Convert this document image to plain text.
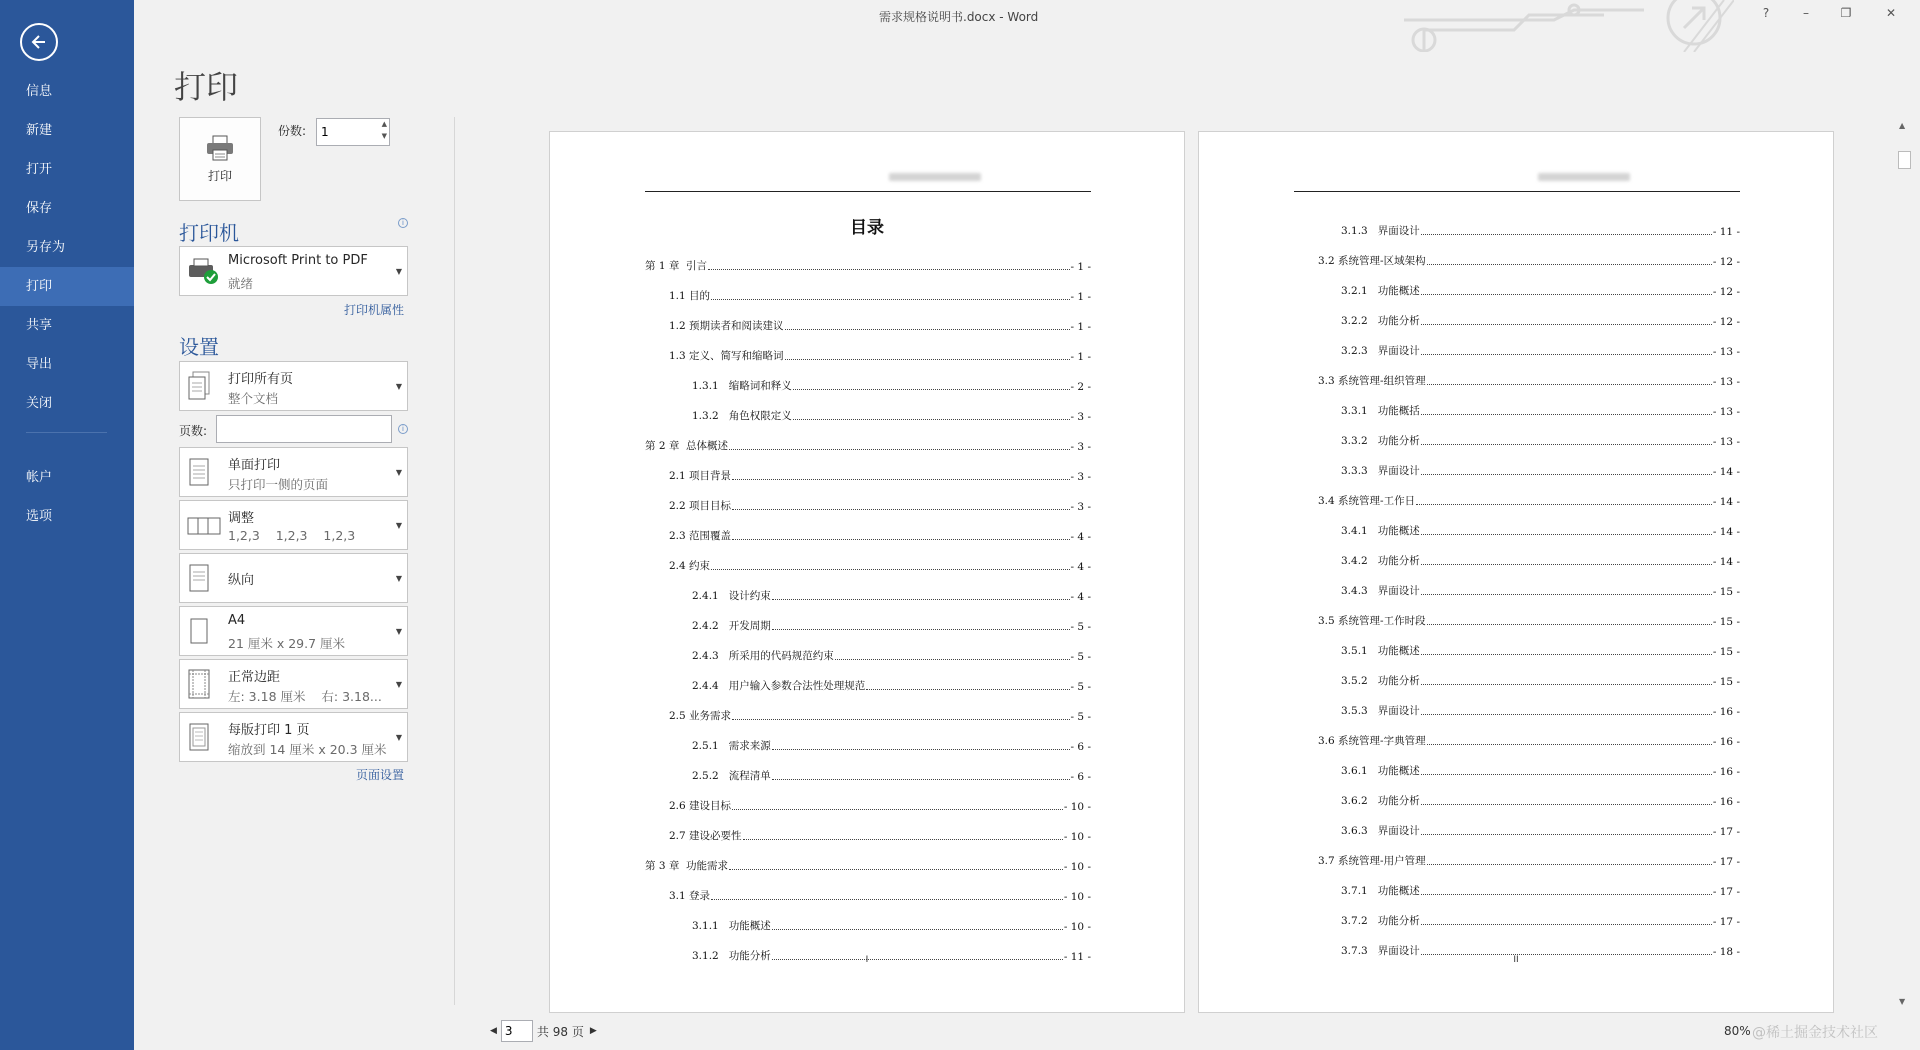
信息
新建
打开
保存
另存为
打印
共享
导出
关闭
帐户
选项
需求规格说明书.docx - Word	?	–	❐	✕
打印
打印
份数:
1	▲
▼
打印机	i
Microsoft Print to PDF
就绪
▼
打印机属性
设置
打印所有页
整个文档
▼
页数:	i
单面打印
只打印一侧的页面
▼
调整
1,2,3    1,2,3    1,2,3
▼
纵向	▼
A4
21 厘米 x 29.7 厘米
▼
正常边距
左: 3.18 厘米    右: 3.18...
▼
每版打印 1 页
缩放到 14 厘米 x 20.3 厘米
▼
页面设置
目录
第 1 章  引言	- 1 -
1.1 目的	- 1 -
1.2 预期读者和阅读建议	- 1 -
1.3 定义、简写和缩略词	- 1 -
1.3.1   缩略词和释义	- 2 -
1.3.2   角色权限定义	- 3 -
第 2 章  总体概述	- 3 -
2.1 项目背景	- 3 -
2.2 项目目标	- 3 -
2.3 范围覆盖	- 4 -
2.4 约束	- 4 -
2.4.1   设计约束	- 4 -
2.4.2   开发周期	- 5 -
2.4.3   所采用的代码规范约束	- 5 -
2.4.4   用户输入参数合法性处理规范	- 5 -
2.5 业务需求	- 5 -
2.5.1   需求来源	- 6 -
2.5.2   流程清单	- 6 -
2.6 建设目标	- 10 -
2.7 建设必要性	- 10 -
第 3 章  功能需求	- 10 -
3.1 登录	- 10 -
3.1.1   功能概述	- 10 -
3.1.2   功能分析	- 11 -
I
3.1.3   界面设计	- 11 -
3.2 系统管理-区域架构	- 12 -
3.2.1   功能概述	- 12 -
3.2.2   功能分析	- 12 -
3.2.3   界面设计	- 13 -
3.3 系统管理-组织管理	- 13 -
3.3.1   功能概括	- 13 -
3.3.2   功能分析	- 13 -
3.3.3   界面设计	- 14 -
3.4 系统管理-工作日	- 14 -
3.4.1   功能概述	- 14 -
3.4.2   功能分析	- 14 -
3.4.3   界面设计	- 15 -
3.5 系统管理-工作时段	- 15 -
3.5.1   功能概述	- 15 -
3.5.2   功能分析	- 15 -
3.5.3   界面设计	- 16 -
3.6 系统管理-字典管理	- 16 -
3.6.1   功能概述	- 16 -
3.6.2   功能分析	- 16 -
3.6.3   界面设计	- 17 -
3.7 系统管理-用户管理	- 17 -
3.7.1   功能概述	- 17 -
3.7.2   功能分析	- 17 -
3.7.3   界面设计	- 18 -
II
▲
▼
◀
3	共 98 页 ▶	80% @稀土掘金技术社区
